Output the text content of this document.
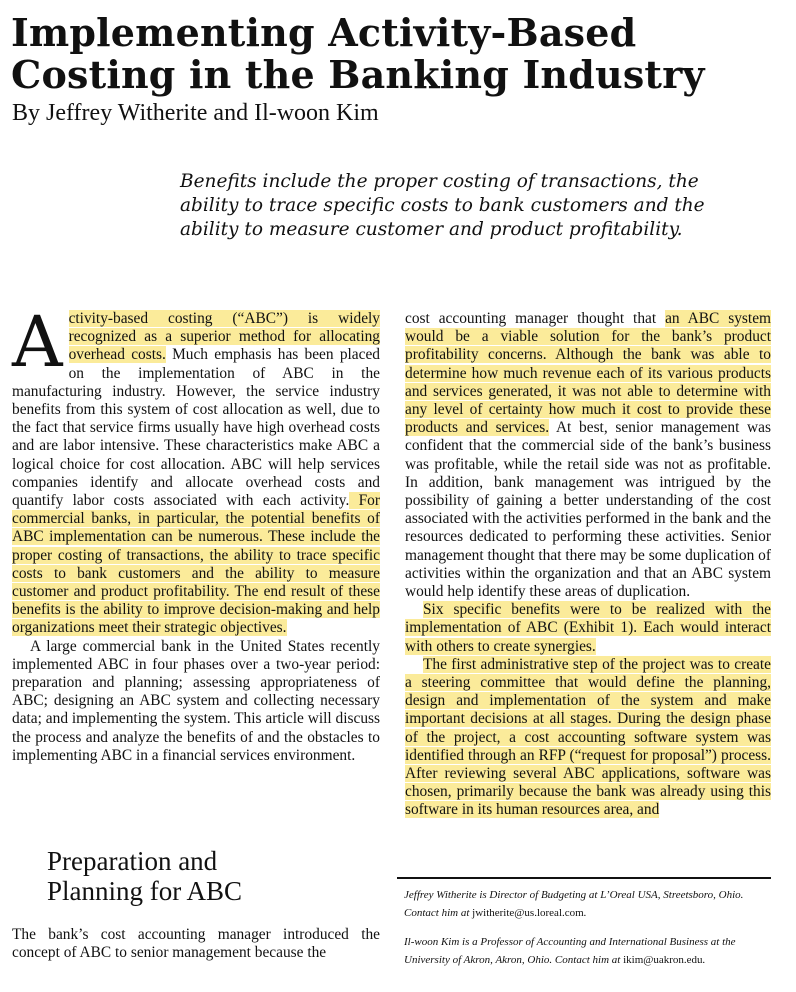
Implementing Activity-Based
Costing in the Banking Industry
By Jeffrey Witherite and Il-woon Kim
Benefits include the proper costing of transactions, the
ability to trace specific costs to bank customers and the
ability to measure customer and product profitability.

Activity-based costing (“ABC”) is widely recognized as a superior method for allocating overhead costs. Much emphasis has been placed on the implementation of ABC in the manufacturing industry. However, the service industry benefits from this system of cost allocation as well, due to the fact that service firms usually have high overhead costs and are labor intensive. These characteristics make ABC a logical choice for cost allocation. ABC will help services companies identify and allocate overhead costs and quantify labor costs associated with each activity. For commercial banks, in particular, the potential benefits of ABC implementation can be numerous. These include the proper costing of transactions, the ability to trace specific costs to bank customers and the ability to measure customer and product profitability. The end result of these benefits is the ability to improve decision-making and help organizations meet their strategic objectives.

A large commercial bank in the United States recently implemented ABC in four phases over a two-year period: preparation and planning; assessing appropriateness of ABC; designing an ABC system and collecting necessary data; and implementing the system. This article will discuss the process and analyze the benefits of and the obstacles to implementing ABC in a financial services environment.

Preparation and
Planning for ABC

The bank’s cost accounting manager introduced the concept of ABC to senior management because the

cost accounting manager thought that an ABC system would be a viable solution for the bank’s product profitability concerns. Although the bank was able to determine how much revenue each of its various products and services generated, it was not able to determine with any level of certainty how much it cost to provide these products and services. At best, senior management was confident that the commercial side of the bank’s business was profitable, while the retail side was not as profitable. In addition, bank management was intrigued by the possibility of gaining a better understanding of the cost associated with the activities performed in the bank and the resources dedicated to performing these activities. Senior management thought that there may be some duplication of activities within the organization and that an ABC system would help identify these areas of duplication.

Six specific benefits were to be realized with the implementation of ABC (Exhibit 1). Each would interact with others to create synergies.

The first administrative step of the project was to create a steering committee that would define the planning, design and implementation of the system and make important decisions at all stages. During the design phase of the project, a cost accounting software system was identified through an RFP (“request for proposal”) process. After reviewing several ABC applications, software was chosen, primarily because the bank was already using this software in its human resources area, and

Jeffrey Witherite is Director of Budgeting at L’Oreal USA, Streetsboro, Ohio. Contact him at jwitherite@us.loreal.com.
Il-woon Kim is a Professor of Accounting and International Business at the University of Akron, Akron, Ohio. Contact him at ikim@uakron.edu.
